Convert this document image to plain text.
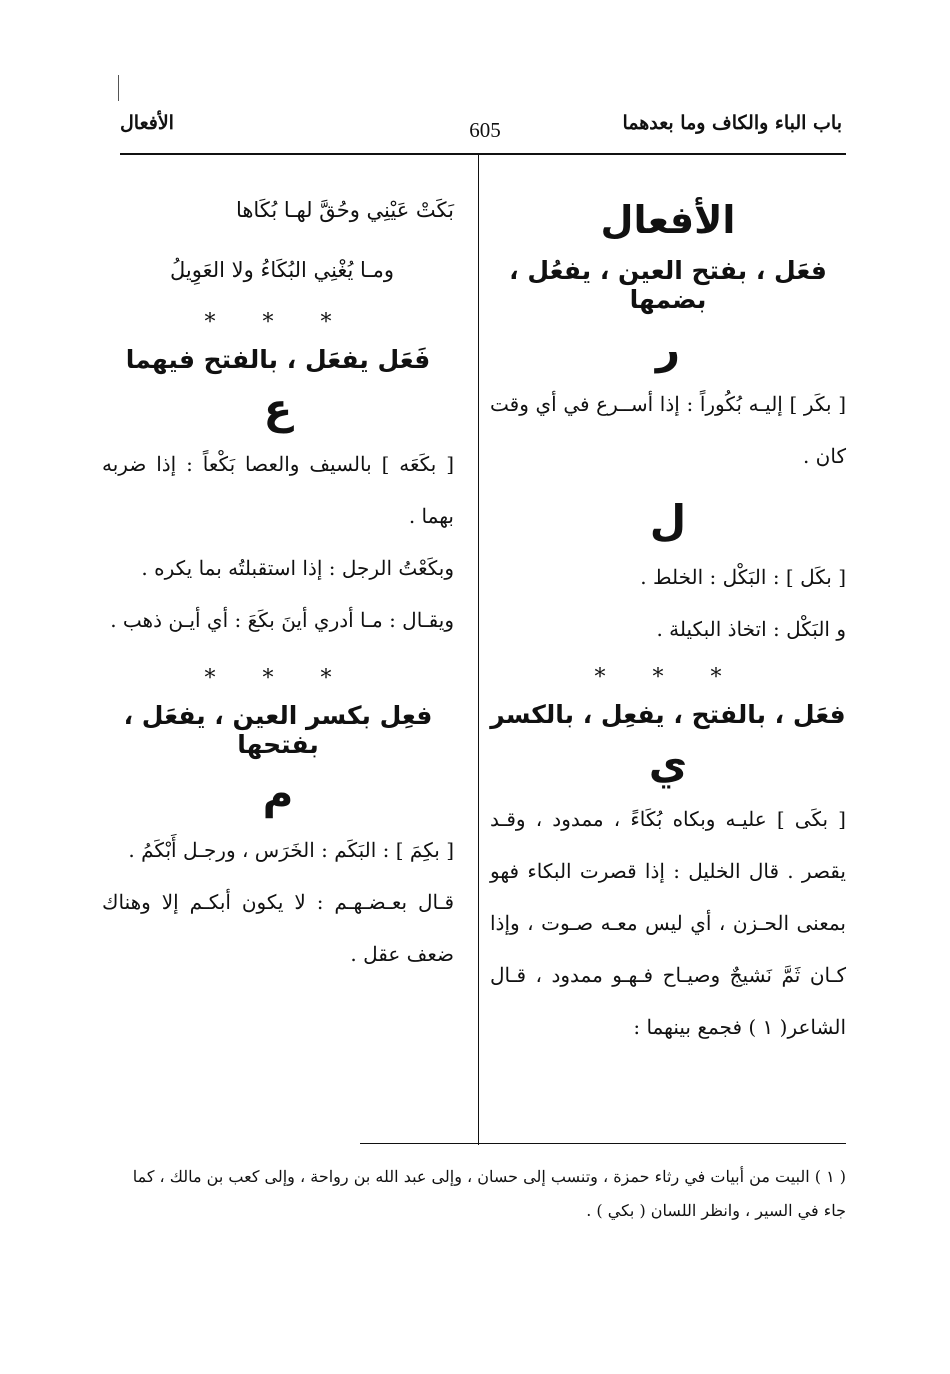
باب الباء والكاف وما بعدهما
605
الأفعال
الأفعال
فعَل ، بفتح العين ، يفعُل ، بضمها
ر

[ بكَر ] إليـه بُكُوراً : إذا أســرع في أي وقت كان .

ل

[ بكَل ] : البَكْل : الخلط .

و البَكْل : اتخاذ البكيلة .

* * *
فعَل ، بالفتح ، يفعِل ، بالكسر
ي

[ بكَى ] عليـه وبكاه بُكَاءً ، ممدود ، وقـد يقصر . قال الخليل : إذا قصرت البكاء فهو بمعنى الحـزن ، أي ليس معـه صـوت ، وإذا كـان ثَمَّ نَشيجٌ وصيـاح فـهـو ممدود ، قـال الشاعر( ١ ) فجمع بينهما :

بَكَتْ عَيْنِي وحُقَّ لهـا بُكَاها

ومـا يُغْنِي البُكَاءُ ولا العَوِيلُ

* * *
فَعَل يفعَل ، بالفتح فيهما
ع

[ بكَعَه ] بالسيف والعصا بَكْعاً : إذا ضربه بهما .

وبكَعْتُ الرجل : إذا استقبلتُه بما يكره .

ويقـال : مـا أدري أينَ بكَعَ : أي أيـن ذهب .

* * *
فعِل بكسر العين ، يفعَل ، بفتحها
م

[ بكِمَ ] : البَكَم : الخَرَس ، ورجـل أَبْكَمُ .

قـال بعـضـهـم : لا يكون أبكـم إلا وهناك ضعف عقل .

( ١ ) البيت من أبيات في رثاء حمزة ، وتنسب إلى حسان ، وإلى عبد الله بن رواحة ، وإلى كعب بن مالك ، كما جاء في السير ، وانظر اللسان ( بكي ) .
